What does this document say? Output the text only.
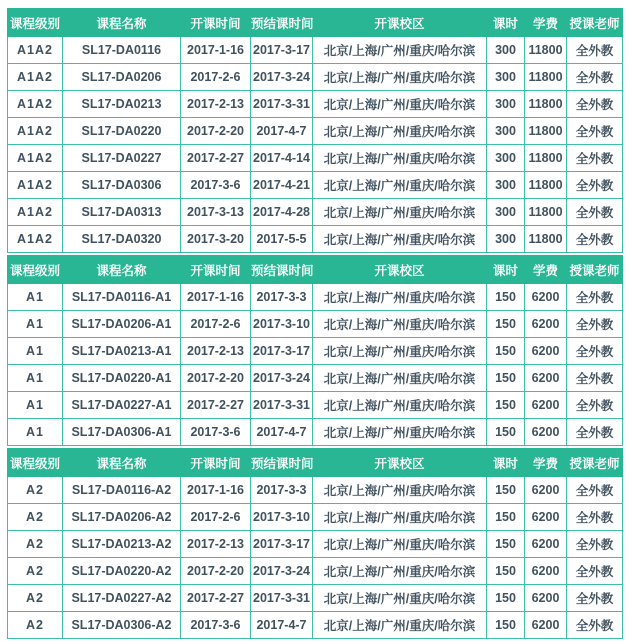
课程级别	课程名称	开课时间	预结课时间	开课校区	课时	学费	授课老师
A1A2	SL17-DA0116	2017-1-16	2017-3-17	北京/上海/广州/重庆/哈尔滨	300	11800	全外教
A1A2	SL17-DA0206	2017-2-6	2017-3-24	北京/上海/广州/重庆/哈尔滨	300	11800	全外教
A1A2	SL17-DA0213	2017-2-13	2017-3-31	北京/上海/广州/重庆/哈尔滨	300	11800	全外教
A1A2	SL17-DA0220	2017-2-20	2017-4-7	北京/上海/广州/重庆/哈尔滨	300	11800	全外教
A1A2	SL17-DA0227	2017-2-27	2017-4-14	北京/上海/广州/重庆/哈尔滨	300	11800	全外教
A1A2	SL17-DA0306	2017-3-6	2017-4-21	北京/上海/广州/重庆/哈尔滨	300	11800	全外教
A1A2	SL17-DA0313	2017-3-13	2017-4-28	北京/上海/广州/重庆/哈尔滨	300	11800	全外教
A1A2	SL17-DA0320	2017-3-20	2017-5-5	北京/上海/广州/重庆/哈尔滨	300	11800	全外教
课程级别	课程名称	开课时间	预结课时间	开课校区	课时	学费	授课老师
A1	SL17-DA0116-A1	2017-1-16	2017-3-3	北京/上海/广州/重庆/哈尔滨	150	6200	全外教
A1	SL17-DA0206-A1	2017-2-6	2017-3-10	北京/上海/广州/重庆/哈尔滨	150	6200	全外教
A1	SL17-DA0213-A1	2017-2-13	2017-3-17	北京/上海/广州/重庆/哈尔滨	150	6200	全外教
A1	SL17-DA0220-A1	2017-2-20	2017-3-24	北京/上海/广州/重庆/哈尔滨	150	6200	全外教
A1	SL17-DA0227-A1	2017-2-27	2017-3-31	北京/上海/广州/重庆/哈尔滨	150	6200	全外教
A1	SL17-DA0306-A1	2017-3-6	2017-4-7	北京/上海/广州/重庆/哈尔滨	150	6200	全外教
课程级别	课程名称	开课时间	预结课时间	开课校区	课时	学费	授课老师
A2	SL17-DA0116-A2	2017-1-16	2017-3-3	北京/上海/广州/重庆/哈尔滨	150	6200	全外教
A2	SL17-DA0206-A2	2017-2-6	2017-3-10	北京/上海/广州/重庆/哈尔滨	150	6200	全外教
A2	SL17-DA0213-A2	2017-2-13	2017-3-17	北京/上海/广州/重庆/哈尔滨	150	6200	全外教
A2	SL17-DA0220-A2	2017-2-20	2017-3-24	北京/上海/广州/重庆/哈尔滨	150	6200	全外教
A2	SL17-DA0227-A2	2017-2-27	2017-3-31	北京/上海/广州/重庆/哈尔滨	150	6200	全外教
A2	SL17-DA0306-A2	2017-3-6	2017-4-7	北京/上海/广州/重庆/哈尔滨	150	6200	全外教
